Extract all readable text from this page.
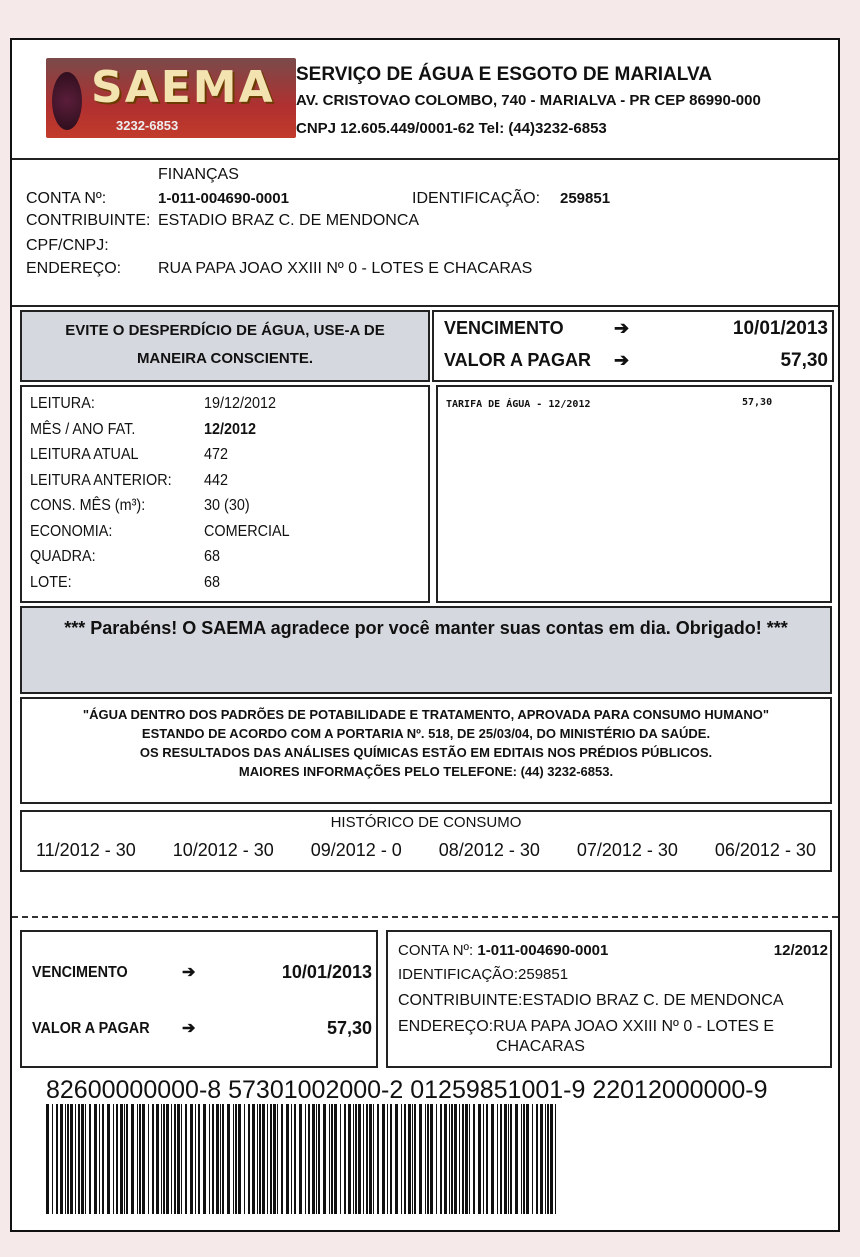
SAEMA
3232-6853
SERVIÇO DE ÁGUA E ESGOTO DE MARIALVA
AV. CRISTOVAO COLOMBO, 740 - MARIALVA - PR CEP 86990-000
CNPJ 12.605.449/0001-62 Tel: (44)3232-6853
FINANÇAS
CONTA Nº:	1-011-004690-0001	IDENTIFICAÇÃO: 259851
CONTRIBUINTE: ESTADIO BRAZ C. DE MENDONCA
CPF/CNPJ:
ENDEREÇO: RUA PAPA JOAO XXIII Nº 0 - LOTES E CHACARAS
EVITE O DESPERDÍCIO DE ÁGUA, USE-A DE
MANEIRA CONSCIENTE.
VENCIMENTO	➔	10/01/2013
VALOR A PAGAR ➔	57,30
LEITURA:	19/12/2012
MÊS / ANO FAT.	12/2012
LEITURA ATUAL	472
LEITURA ANTERIOR: 442
CONS. MÊS (m³):	30 (30)
ECONOMIA:	COMERCIAL
QUADRA:	68
LOTE:	68
TARIFA DE ÁGUA - 12/2012	57,30
*** Parabéns! O SAEMA agradece por você manter suas contas em dia. Obrigado! ***
"ÁGUA DENTRO DOS PADRÕES DE POTABILIDADE E TRATAMENTO, APROVADA PARA CONSUMO HUMANO"
ESTANDO DE ACORDO COM A PORTARIA Nº. 518, DE 25/03/04, DO MINISTÉRIO DA SAÚDE.
OS RESULTADOS DAS ANÁLISES QUÍMICAS ESTÃO EM EDITAIS NOS PRÉDIOS PÚBLICOS.
MAIORES INFORMAÇÕES PELO TELEFONE: (44) 3232-6853.
HISTÓRICO DE CONSUMO
11/2012 - 30 10/2012 - 30 09/2012 - 0 08/2012 - 30 07/2012 - 30 06/2012 - 30
VENCIMENTO	➔	10/01/2013
VALOR A PAGAR ➔	57,30
CONTA Nº: 1-011-004690-0001	12/2012
IDENTIFICAÇÃO:259851
CONTRIBUINTE:ESTADIO BRAZ C. DE MENDONCA
ENDEREÇO:RUA PAPA JOAO XXIII Nº 0 - LOTES E
CHACARAS
82600000000-8 57301002000-2 01259851001-9 22012000000-9
